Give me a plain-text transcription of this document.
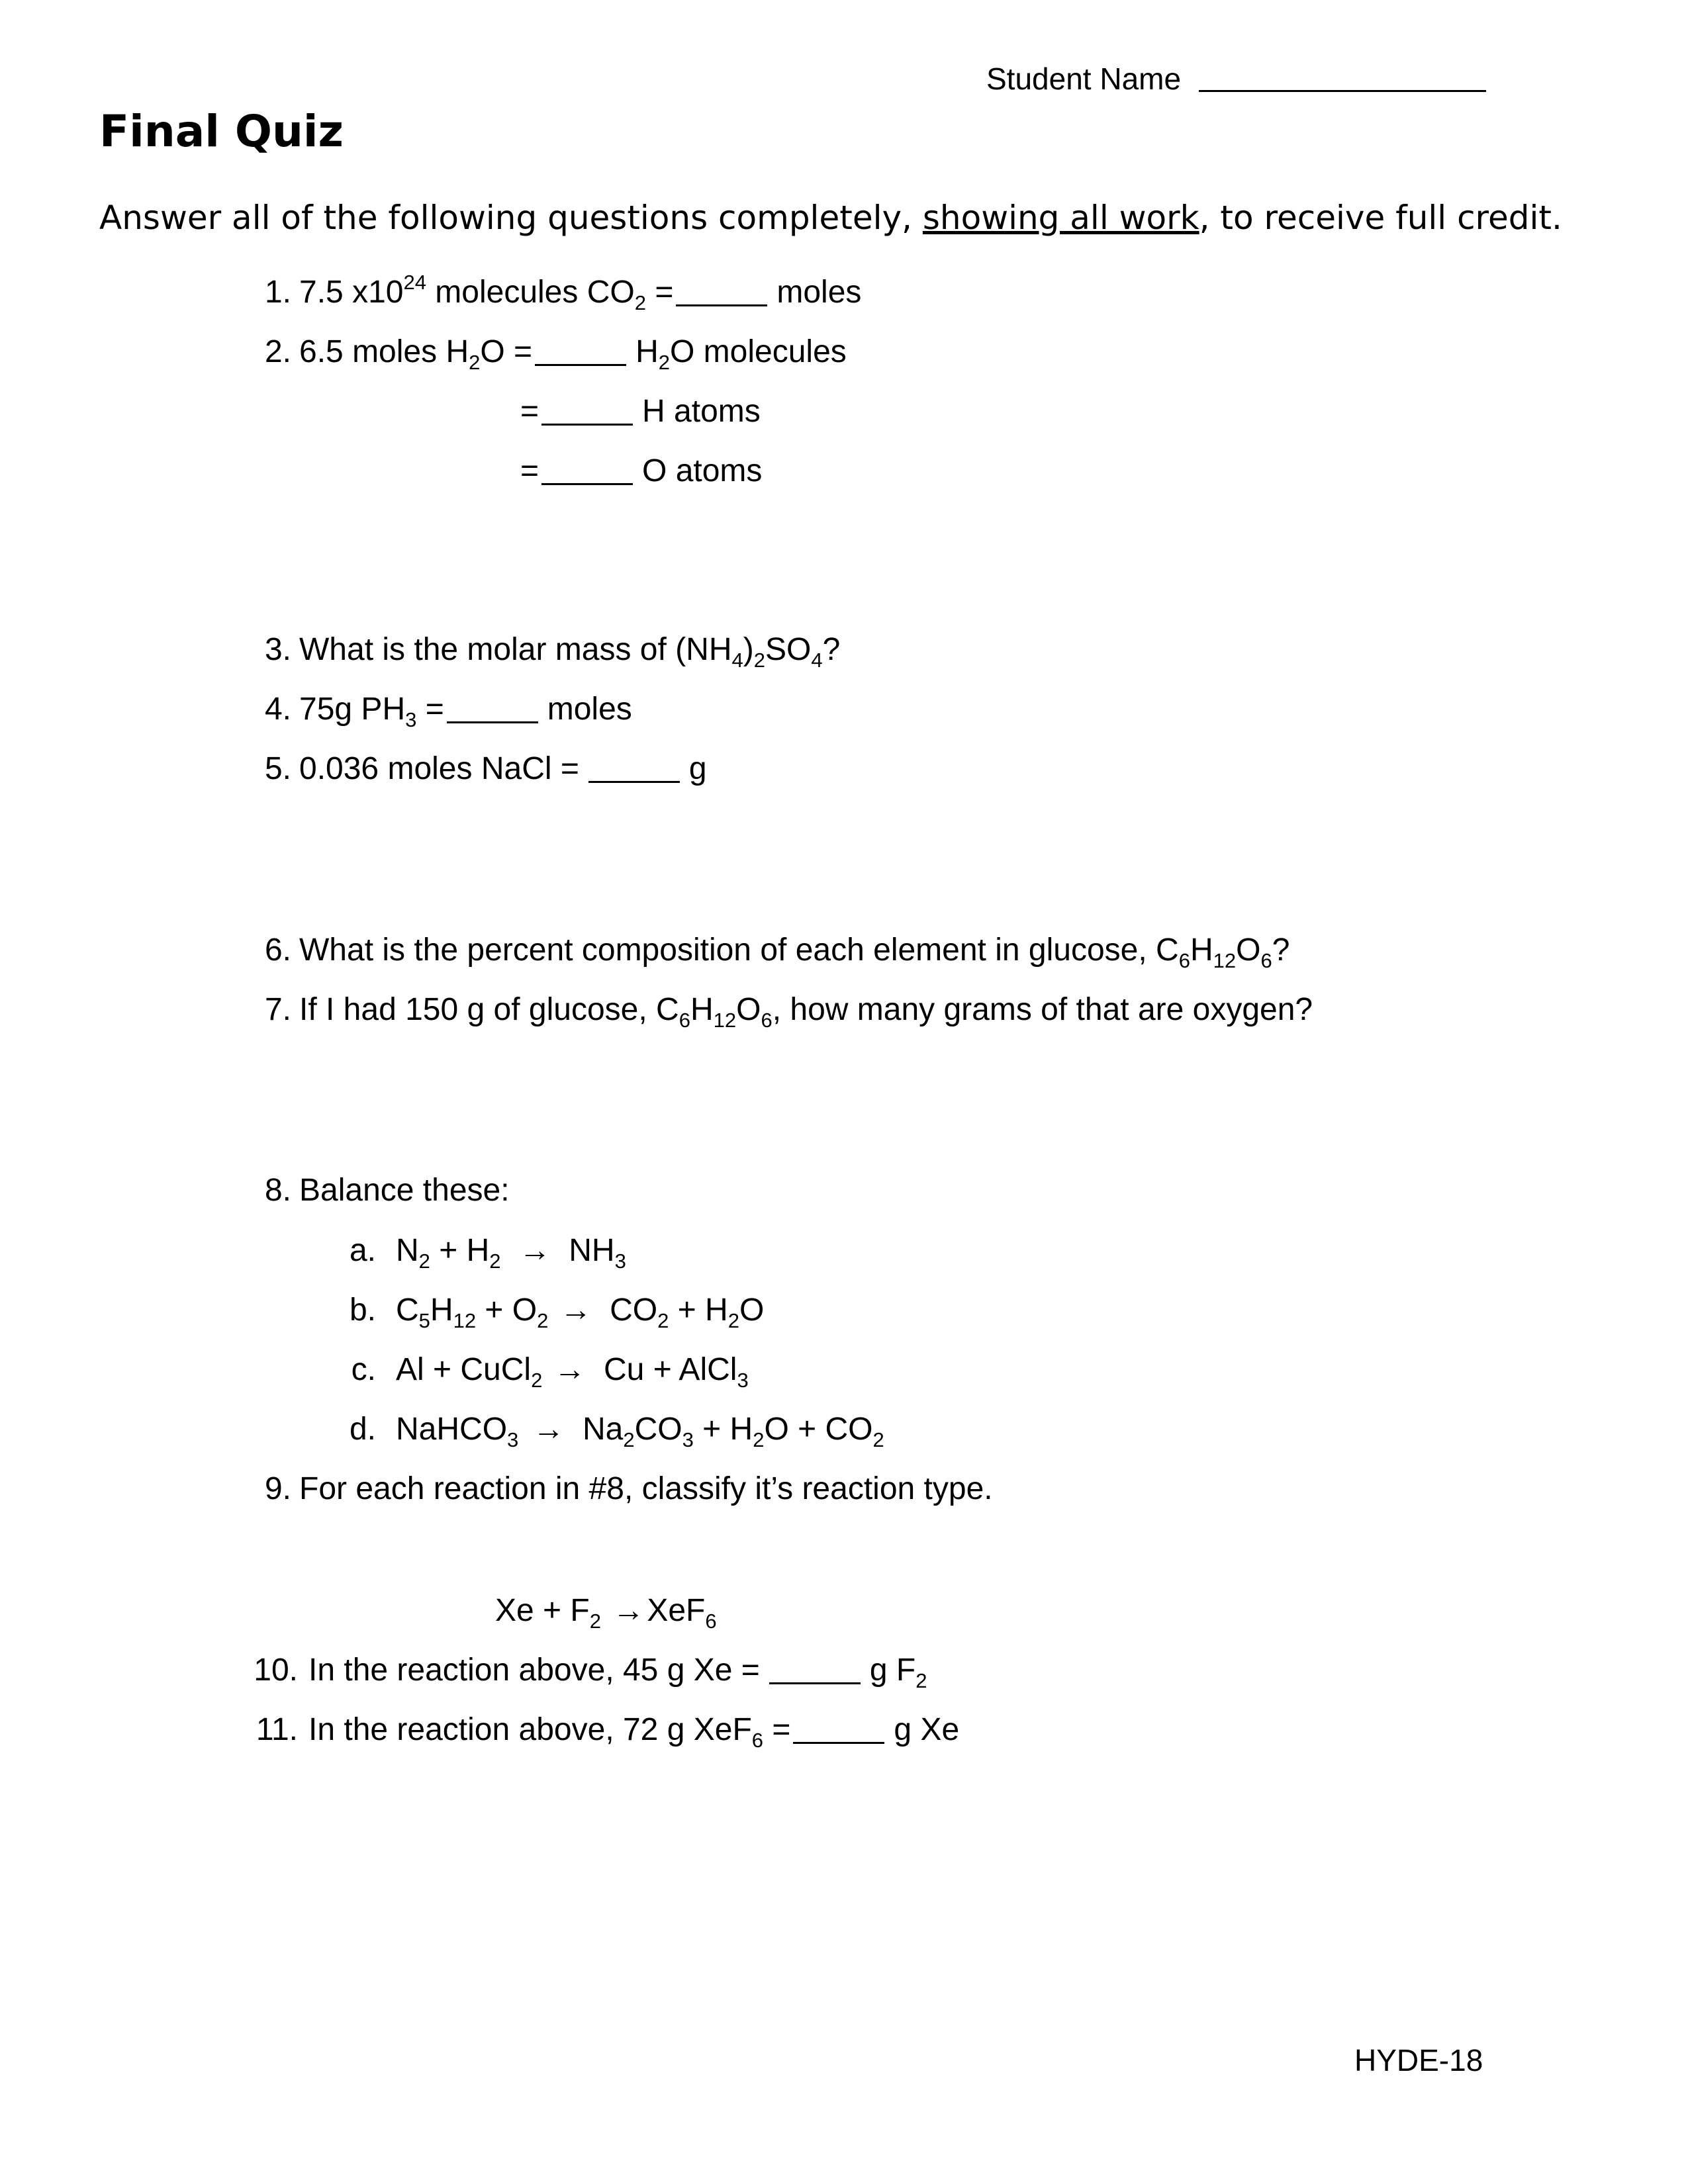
Student Name
Final Quiz
Answer all of the following questions completely, showing all work, to receive full credit.
1. 7.5 $x10^{24}$ molecules $CO_2$ =	moles
2. 6.5 moles $H_2O$ =	$H_2O$ molecules
=	H atoms
=	O atoms
3. What is the molar mass of $(NH_4)_2SO_4$?
4. 75g $PH_3$ =	moles
5. 0.036 moles NaCl =	g
6. What is the percent composition of each element in glucose, $C_6H_{12}O_6$?
7. If I had 150 g of glucose, $C_6H_{12}O_6$, how many grams of that are oxygen?
8. Balance these:
a. $N_2 + H_2 \to NH_3$
b. $C_5H_{12} + O_2 \to CO_2 + H_2O$
c. Al + CuCl$_2$ → Cu + AlCl$_3$
d. NaHCO$_3$ → $Na_2CO_3 + H_2O + CO_2$
9. For each reaction in #8, classify it’s reaction type.
$Xe + F_2 \to XeF_6$
10. In the reaction above, 45 g Xe =	g $F_2$
11. In the reaction above, 72 g XeF$_6$ =	g Xe
HYDE-18
